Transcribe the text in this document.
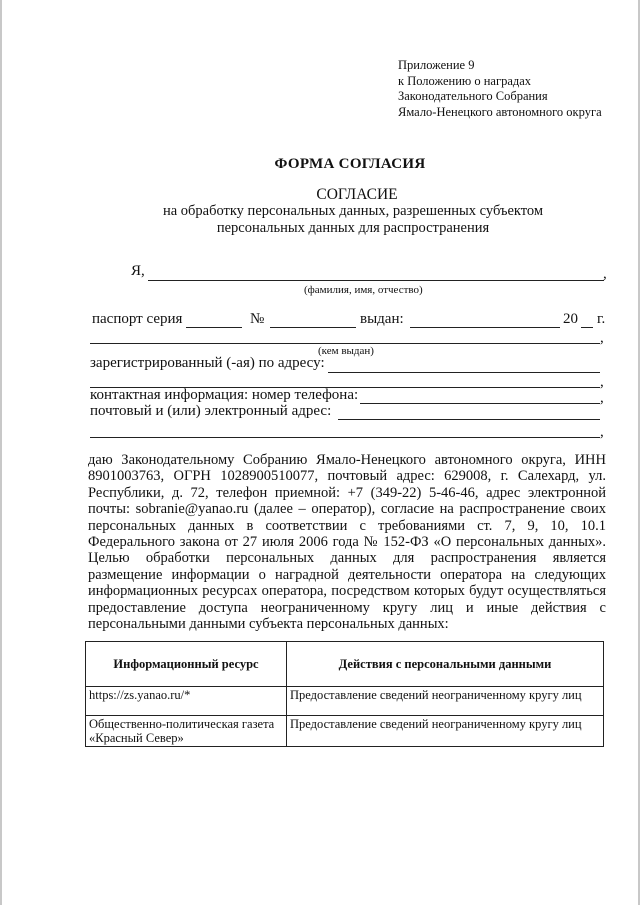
Приложение 9
к Положению о наградах
Законодательного Собрания
Ямало-Ненецкого автономного округа
ФОРМА СОГЛАСИЯ
СОГЛАСИЕ
на обработку персональных данных, разрешенных субъектом
персональных данных для распространения
Я,	,
(фамилия, имя, отчество)
паспорт серия	№	выдан:	20 г.
,
(кем выдан)
зарегистрированный (-ая) по адресу:
,
контактная информация: номер телефона:	,
почтовый и (или) электронный адрес:
,
даю Законодательному Собранию Ямало-Ненецкого автономного округа, ИНН 8901003763, ОГРН 1028900510077, почтовый адрес: 629008, г. Салехард, ул. Республики, д. 72, телефон приемной: +7 (349-22) 5-46-46, адрес электронной почты: sobranie@yanao.ru (далее – оператор), согласие на распространение своих персональных данных в соответствии с требованиями ст. 7, 9, 10, 10.1 Федерального закона от 27 июля 2006 года № 152-ФЗ «О персональных данных». Целью обработки персональных данных для распространения является размещение информации о наградной деятельности оператора на следующих информационных ресурсах оператора, посредством которых будут осуществляться предоставление доступа неограниченному кругу лиц и иные действия с персональными данными субъекта персональных данных:
Информационный ресурс	Действия с персональными данными
https://zs.yanao.ru/*	Предоставление сведений неограниченному кругу лиц
Общественно-политическая газета «Красный Север»	Предоставление сведений неограниченному кругу лиц
